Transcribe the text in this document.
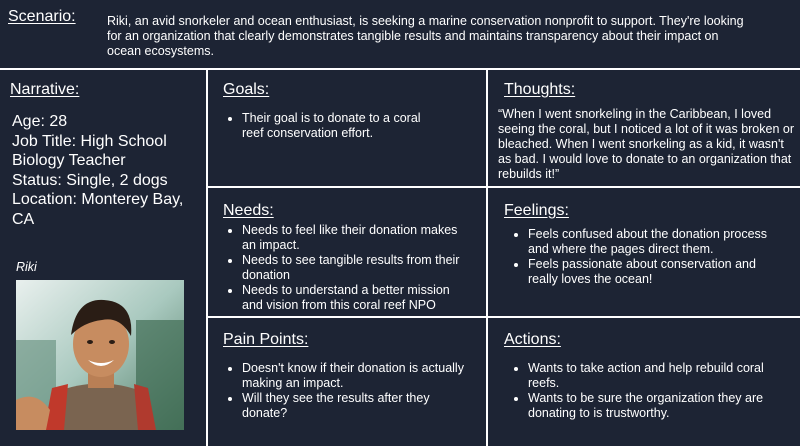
Scenario:	Riki, an avid snorkeler and ocean enthusiast, is seeking a marine conservation nonprofit to support. They're looking for an organization that clearly demonstrates tangible results and maintains transparency about their impact on ocean ecosystems.

Narrative:
Age: 28
Job Title: High School Biology Teacher
Status: Single, 2 dogs
Location: Monterey Bay, CA
Riki
Goals:
• Their goal is to donate to a coral reef conservation effort.
Thoughts:

“When I went snorkeling in the Caribbean, I loved seeing the coral, but I noticed a lot of it was broken or bleached. When I went snorkeling as a kid, it wasn't as bad. I would love to donate to an organization that rebuilds it!”

Needs:
• Needs to feel like their donation makes an impact.
• Needs to see tangible results from their donation
• Needs to understand a better mission and vision from this coral reef NPO
Feelings:
• Feels confused about the donation process and where the pages direct them.
• Feels passionate about conservation and really loves the ocean!
Pain Points:
• Doesn't know if their donation is actually making an impact.
• Will they see the results after they donate?
Actions:
• Wants to take action and help rebuild coral reefs.
• Wants to be sure the organization they are donating to is trustworthy.
